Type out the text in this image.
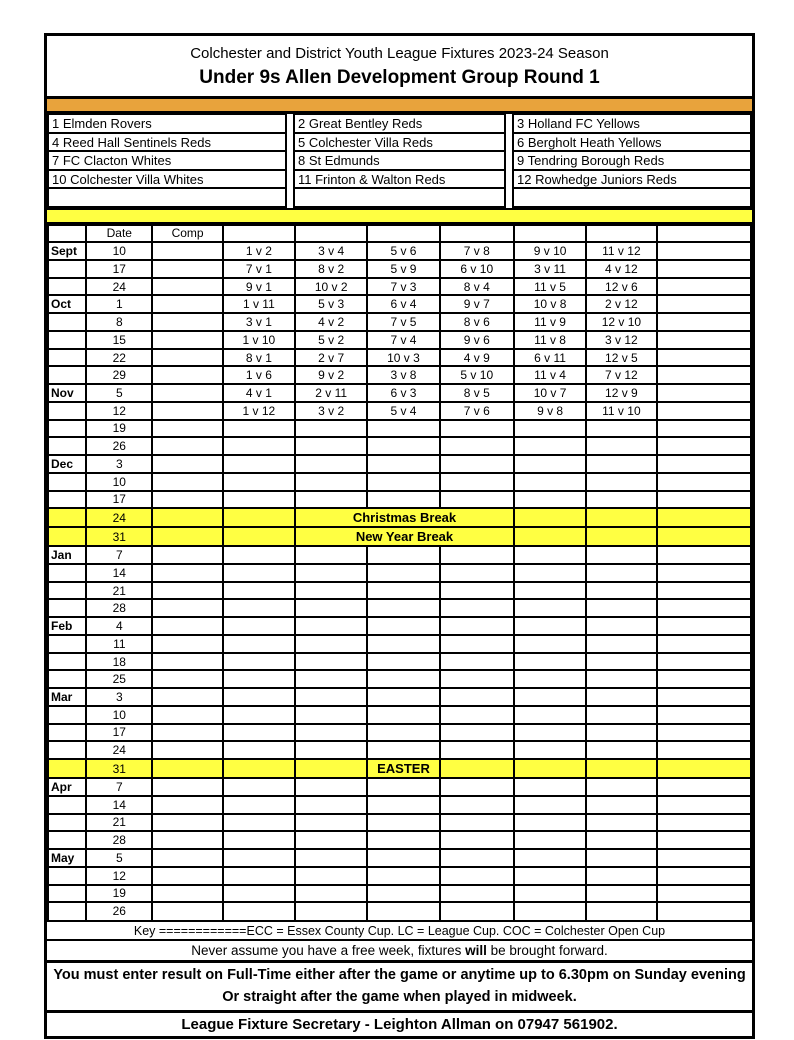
Colchester and District Youth League Fixtures 2023-24 Season
Under 9s Allen Development Group Round 1
1 Elmden Rovers
4 Reed Hall Sentinels Reds
7 FC Clacton Whites
10 Colchester Villa Whites
2 Great Bentley Reds
5 Colchester Villa Reds
8 St Edmunds
11 Frinton & Walton Reds
3 Holland FC Yellows
6 Bergholt Heath Yellows
9 Tendring Borough Reds
12 Rowhedge Juniors Reds
	Date	Comp							
Sept	10		1 v 2	3 v 4	5 v 6	7 v 8	9 v 10	11 v 12	
	17		7 v 1	8 v 2	5 v 9	6 v 10	3 v 11	4 v 12	
	24		9 v 1	10 v 2	7 v 3	8 v 4	11 v 5	12 v 6	
Oct	1		1 v 11	5 v 3	6 v 4	9 v 7	10 v 8	2 v 12	
	8		3 v 1	4 v 2	7 v 5	8 v 6	11 v 9	12 v 10	
	15		1 v 10	5 v 2	7 v 4	9 v 6	11 v 8	3 v 12	
	22		8 v 1	2 v 7	10 v 3	4 v 9	6 v 11	12 v 5	
	29		1 v 6	9 v 2	3 v 8	5 v 10	11 v 4	7 v 12	
Nov	5		4 v 1	2 v 11	6 v 3	8 v 5	10 v 7	12 v 9	
	12		1 v 12	3 v 2	5 v 4	7 v 6	9 v 8	11 v 10	
	19								
	26								
Dec	3								
	10								
	17								
	24			Christmas Break					
	31			New Year Break					
Jan	7								
	14								
	21								
	28								
Feb	4								
	11								
	18								
	25								
Mar	3								
	10								
	17								
	24								
	31				EASTER				
Apr	7								
	14								
	21								
	28								
May	5								
	12								
	19								
	26								
Key ============ECC = Essex County Cup. LC = League Cup. COC = Colchester Open Cup
Never assume you have a free week, fixtures will be brought forward.
You must enter result on Full-Time either after the game or anytime up to 6.30pm on Sunday evening Or straight after the game when played in midweek.
League Fixture Secretary - Leighton Allman on 07947 561902.
